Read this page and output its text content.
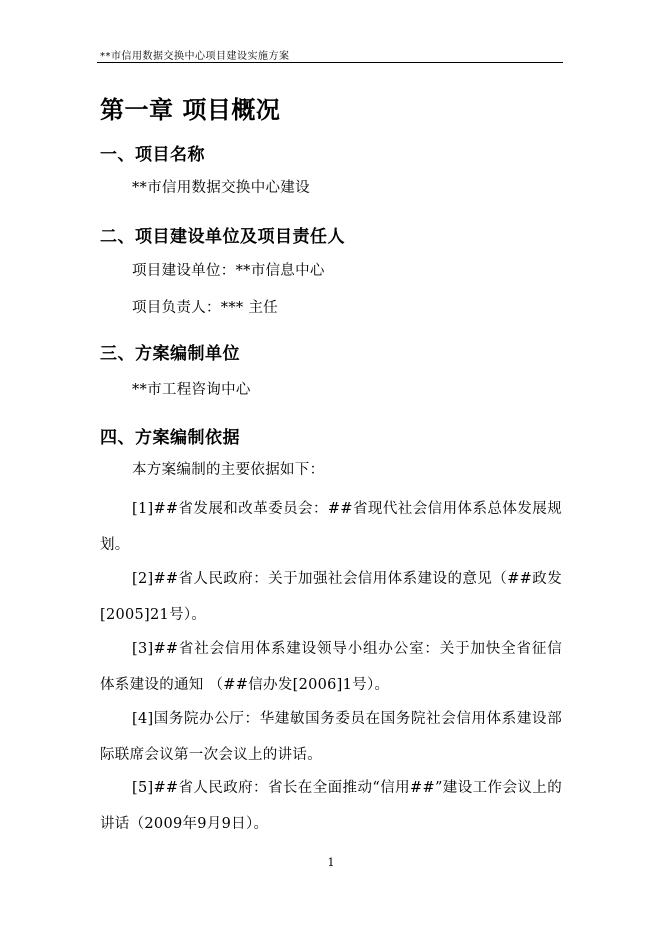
**市信用数据交换中心项目建设实施方案
第一章 项目概况
一、项目名称
**市信用数据交换中心建设
二、项目建设单位及项目责任人
项目建设单位：**市信息中心
项目负责人：*** 主任
三、方案编制单位
**市工程咨询中心
四、方案编制依据
本方案编制的主要依据如下：
[1]##省发展和改革委员会：##省现代社会信用体系总体发展规划。
[2]##省人民政府：关于加强社会信用体系建设的意见（##政发[2005]21号）。
[3]##省社会信用体系建设领导小组办公室：关于加快全省征信体系建设的通知 （##信办发[2006]1号）。
[4]国务院办公厅：华建敏国务委员在国务院社会信用体系建设部际联席会议第一次会议上的讲话。
[5]##省人民政府：省长在全面推动“信用##”建设工作会议上的讲话（2009年9月9日）。
1
